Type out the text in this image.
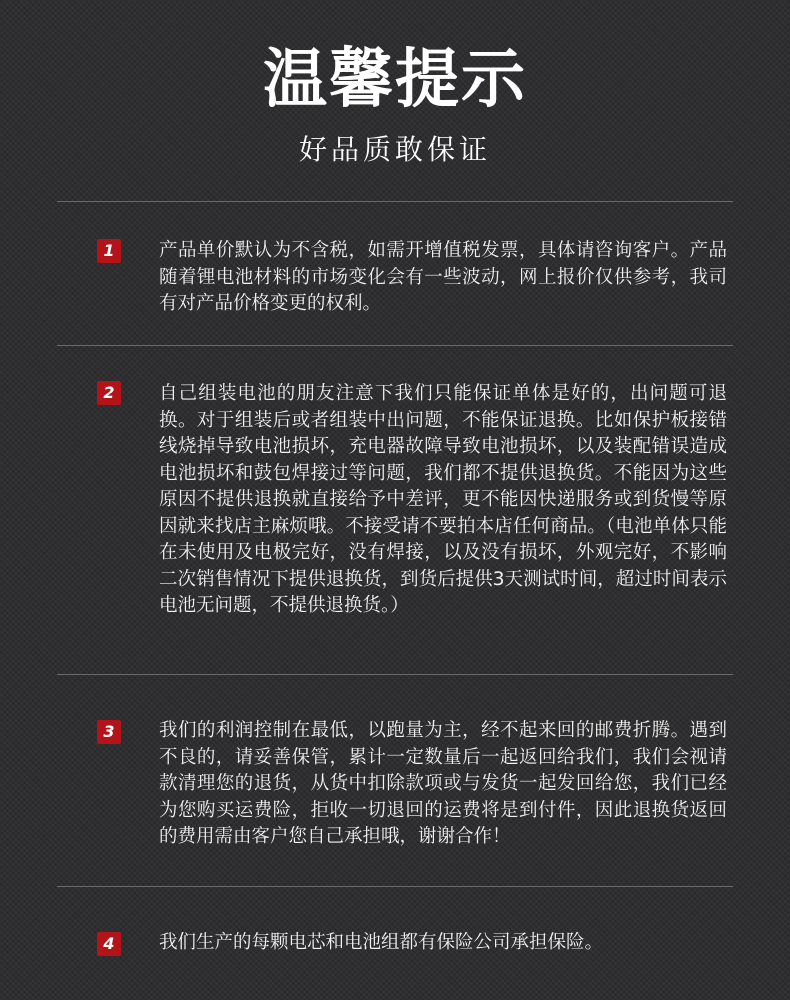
温馨提示
好品质敢保证
1	产品单价默认为不含税，如需开增值税发票，具体请咨询客户。产品随着锂电池材料的市场变化会有一些波动，网上报价仅供参考，我司有对产品价格变更的权利。
2	自己组装电池的朋友注意下我们只能保证单体是好的，出问题可退换。对于组装后或者组装中出问题，不能保证退换。比如保护板接错线烧掉导致电池损坏，充电器故障导致电池损坏，以及装配错误造成电池损坏和鼓包焊接过等问题，我们都不提供退换货。不能因为这些原因不提供退换就直接给予中差评，更不能因快递服务或到货慢等原因就来找店主麻烦哦。不接受请不要拍本店任何商品。（电池单体只能在未使用及电极完好，没有焊接，以及没有损坏，外观完好，不影响二次销售情况下提供退换货，到货后提供3天测试时间，超过时间表示电池无问题，不提供退换货。）
3	我们的利润控制在最低，以跑量为主，经不起来回的邮费折腾。遇到不良的，请妥善保管，累计一定数量后一起返回给我们，我们会视请款清理您的退货，从货中扣除款项或与发货一起发回给您，我们已经为您购买运费险，拒收一切退回的运费将是到付件，因此退换货返回的费用需由客户您自己承担哦，谢谢合作！
4	我们生产的每颗电芯和电池组都有保险公司承担保险。
